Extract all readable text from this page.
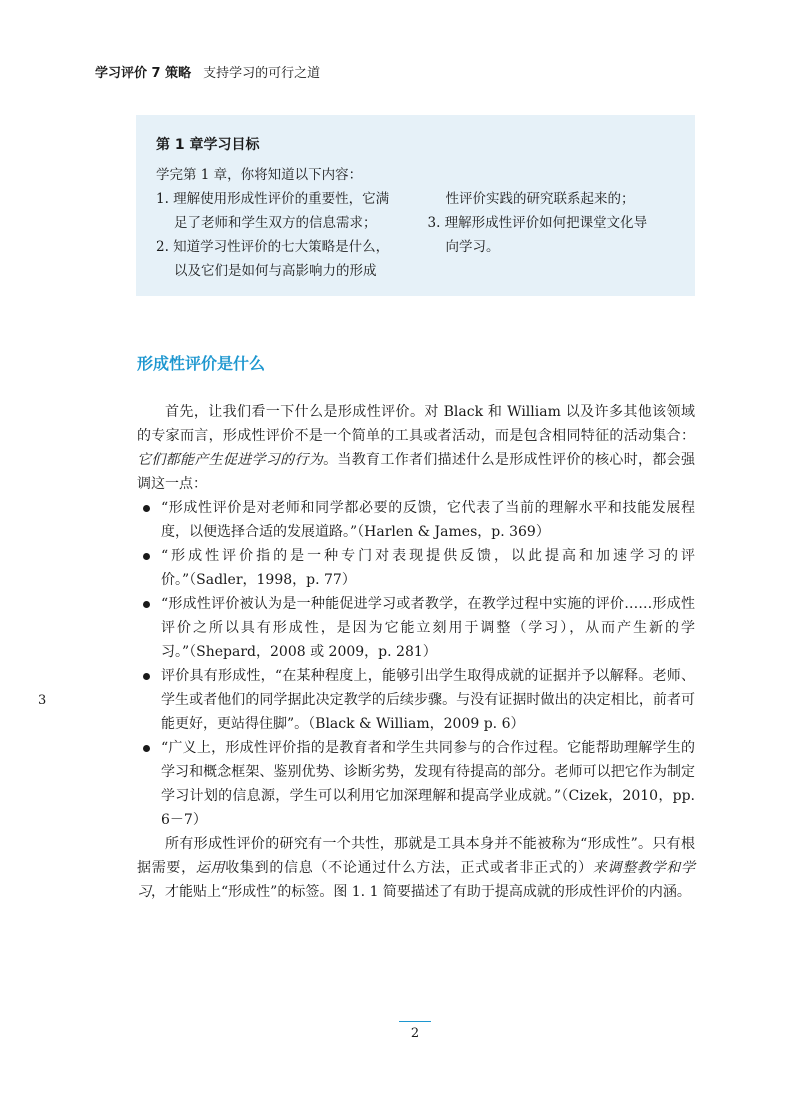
学习评价 7 策略 支持学习的可行之道
第 1 章学习目标
学完第 1 章，你将知道以下内容：
1. 理解使用形成性评价的重要性，它满
足了老师和学生双方的信息需求；
2. 知道学习性评价的七大策略是什么，
以及它们是如何与高影响力的形成
性评价实践的研究联系起来的；
3. 理解形成性评价如何把课堂文化导
向学习。
形成性评价是什么

首先，让我们看一下什么是形成性评价。对 Black 和 William 以及许多其他该领域的专家而言，形成性评价不是一个简单的工具或者活动，而是包含相同特征的活动集合：它们都能产生促进学习的行为。当教育工作者们描述什么是形成性评价的核心时，都会强调这一点：

“形成性评价是对老师和同学都必要的反馈，它代表了当前的理解水平和技能发展程度，以便选择合适的发展道路。”（Harlen & James，p. 369）
“形成性评价指的是一种专门对表现提供反馈，以此提高和加速学习的评价。”（Sadler，1998，p. 77）
“形成性评价被认为是一种能促进学习或者教学，在教学过程中实施的评价……形成性评价之所以具有形成性，是因为它能立刻用于调整（学习），从而产生新的学习。”（Shepard，2008 或 2009，p. 281）
评价具有形成性，“在某种程度上，能够引出学生取得成就的证据并予以解释。老师、学生或者他们的同学据此决定教学的后续步骤。与没有证据时做出的决定相比，前者可能更好，更站得住脚”。（Black & William，2009 p. 6）
“广义上，形成性评价指的是教育者和学生共同参与的合作过程。它能帮助理解学生的学习和概念框架、鉴别优势、诊断劣势，发现有待提高的部分。老师可以把它作为制定学习计划的信息源，学生可以利用它加深理解和提高学业成就。”（Cizek，2010，pp. 6－7）

所有形成性评价的研究有一个共性，那就是工具本身并不能被称为“形成性”。只有根据需要，运用收集到的信息（不论通过什么方法，正式或者非正式的）来调整教学和学习，才能贴上“形成性”的标签。图 1. 1 简要描述了有助于提高成就的形成性评价的内涵。

3
2
